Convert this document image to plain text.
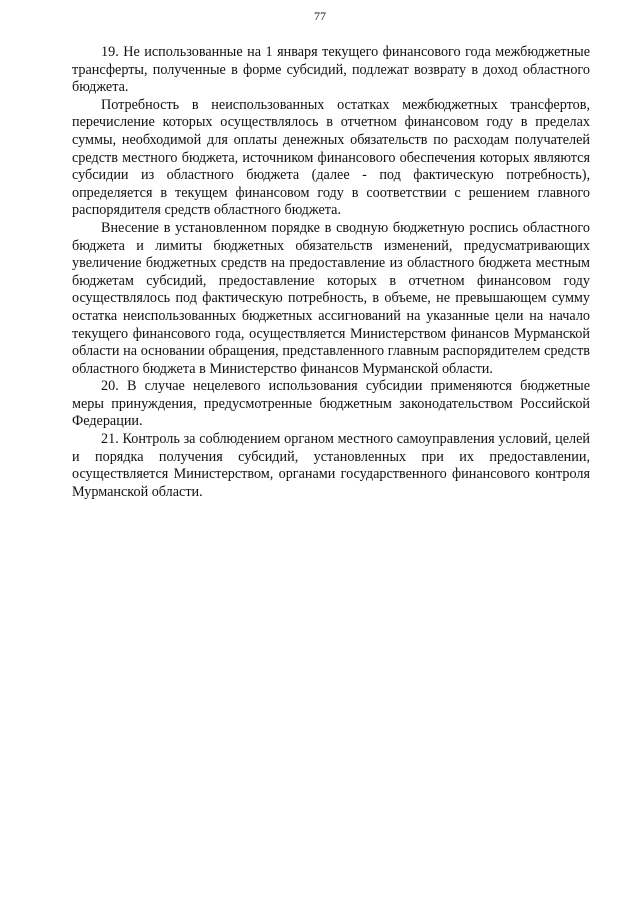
77

19. Не использованные на 1 января текущего финансового года межбюджетные трансферты, полученные в форме субсидий, подлежат возврату в доход областного бюджета.

Потребность в неиспользованных остатках межбюджетных трансфертов, перечисление которых осуществлялось в отчетном финансовом году в пределах суммы, необходимой для оплаты денежных обязательств по расходам получателей средств местного бюджета, источником финансового обеспечения которых являются субсидии из областного бюджета (далее - под фактическую потребность), определяется в текущем финансовом году в соответствии с решением главного распорядителя средств областного бюджета.

Внесение в установленном порядке в сводную бюджетную роспись областного бюджета и лимиты бюджетных обязательств изменений, предусматривающих увеличение бюджетных средств на предоставление из областного бюджета местным бюджетам субсидий, предоставление которых в отчетном финансовом году осуществлялось под фактическую потребность, в объеме, не превышающем сумму остатка неиспользованных бюджетных ассигнований на указанные цели на начало текущего финансового года, осуществляется Министерством финансов Мурманской области на основании обращения, представленного главным распорядителем средств областного бюджета в Министерство финансов Мурманской области.

20. В случае нецелевого использования субсидии применяются бюджетные меры принуждения, предусмотренные бюджетным законодательством Российской Федерации.

21. Контроль за соблюдением органом местного самоуправления условий, целей и порядка получения субсидий, установленных при их предоставлении, осуществляется Министерством, органами государственного финансового контроля Мурманской области.
